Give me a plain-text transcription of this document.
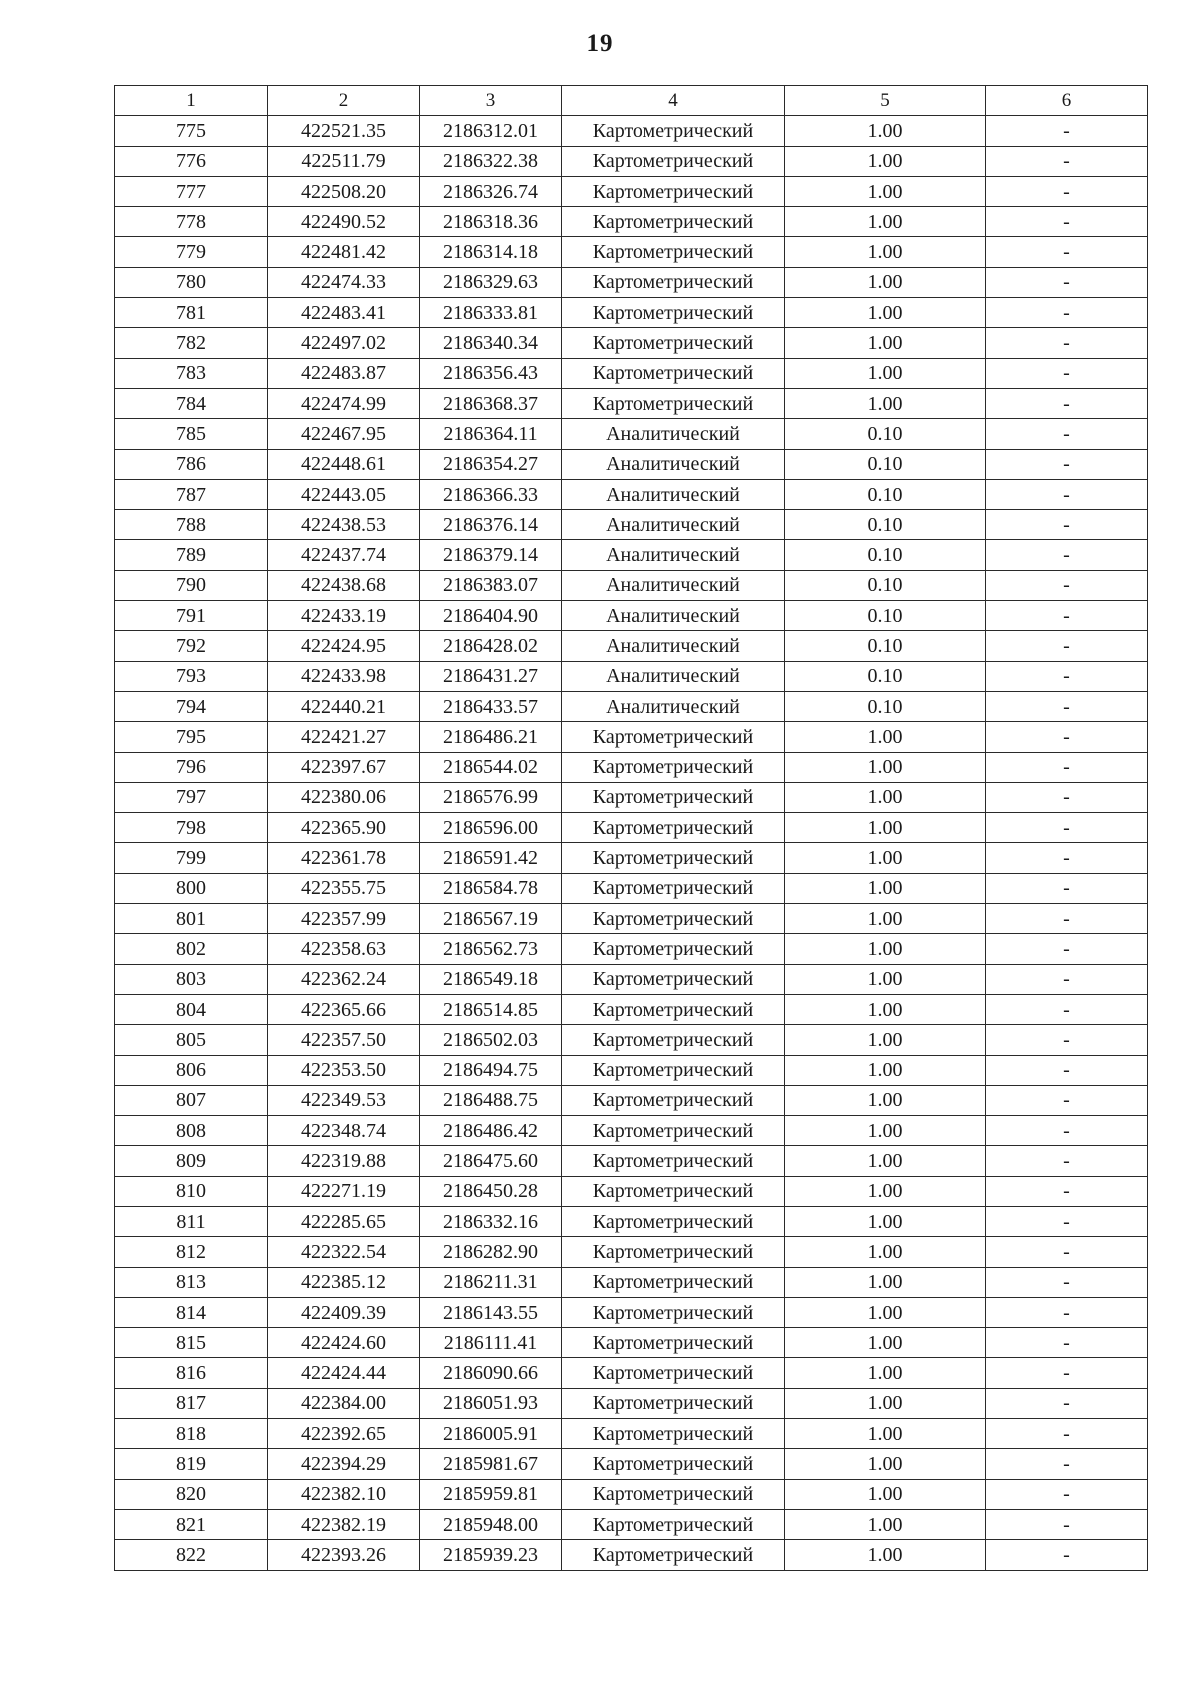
19
1	2	3	4	5	6
775	422521.35	2186312.01	Картометрический	1.00	-
776	422511.79	2186322.38	Картометрический	1.00	-
777	422508.20	2186326.74	Картометрический	1.00	-
778	422490.52	2186318.36	Картометрический	1.00	-
779	422481.42	2186314.18	Картометрический	1.00	-
780	422474.33	2186329.63	Картометрический	1.00	-
781	422483.41	2186333.81	Картометрический	1.00	-
782	422497.02	2186340.34	Картометрический	1.00	-
783	422483.87	2186356.43	Картометрический	1.00	-
784	422474.99	2186368.37	Картометрический	1.00	-
785	422467.95	2186364.11	Аналитический	0.10	-
786	422448.61	2186354.27	Аналитический	0.10	-
787	422443.05	2186366.33	Аналитический	0.10	-
788	422438.53	2186376.14	Аналитический	0.10	-
789	422437.74	2186379.14	Аналитический	0.10	-
790	422438.68	2186383.07	Аналитический	0.10	-
791	422433.19	2186404.90	Аналитический	0.10	-
792	422424.95	2186428.02	Аналитический	0.10	-
793	422433.98	2186431.27	Аналитический	0.10	-
794	422440.21	2186433.57	Аналитический	0.10	-
795	422421.27	2186486.21	Картометрический	1.00	-
796	422397.67	2186544.02	Картометрический	1.00	-
797	422380.06	2186576.99	Картометрический	1.00	-
798	422365.90	2186596.00	Картометрический	1.00	-
799	422361.78	2186591.42	Картометрический	1.00	-
800	422355.75	2186584.78	Картометрический	1.00	-
801	422357.99	2186567.19	Картометрический	1.00	-
802	422358.63	2186562.73	Картометрический	1.00	-
803	422362.24	2186549.18	Картометрический	1.00	-
804	422365.66	2186514.85	Картометрический	1.00	-
805	422357.50	2186502.03	Картометрический	1.00	-
806	422353.50	2186494.75	Картометрический	1.00	-
807	422349.53	2186488.75	Картометрический	1.00	-
808	422348.74	2186486.42	Картометрический	1.00	-
809	422319.88	2186475.60	Картометрический	1.00	-
810	422271.19	2186450.28	Картометрический	1.00	-
811	422285.65	2186332.16	Картометрический	1.00	-
812	422322.54	2186282.90	Картометрический	1.00	-
813	422385.12	2186211.31	Картометрический	1.00	-
814	422409.39	2186143.55	Картометрический	1.00	-
815	422424.60	2186111.41	Картометрический	1.00	-
816	422424.44	2186090.66	Картометрический	1.00	-
817	422384.00	2186051.93	Картометрический	1.00	-
818	422392.65	2186005.91	Картометрический	1.00	-
819	422394.29	2185981.67	Картометрический	1.00	-
820	422382.10	2185959.81	Картометрический	1.00	-
821	422382.19	2185948.00	Картометрический	1.00	-
822	422393.26	2185939.23	Картометрический	1.00	-
